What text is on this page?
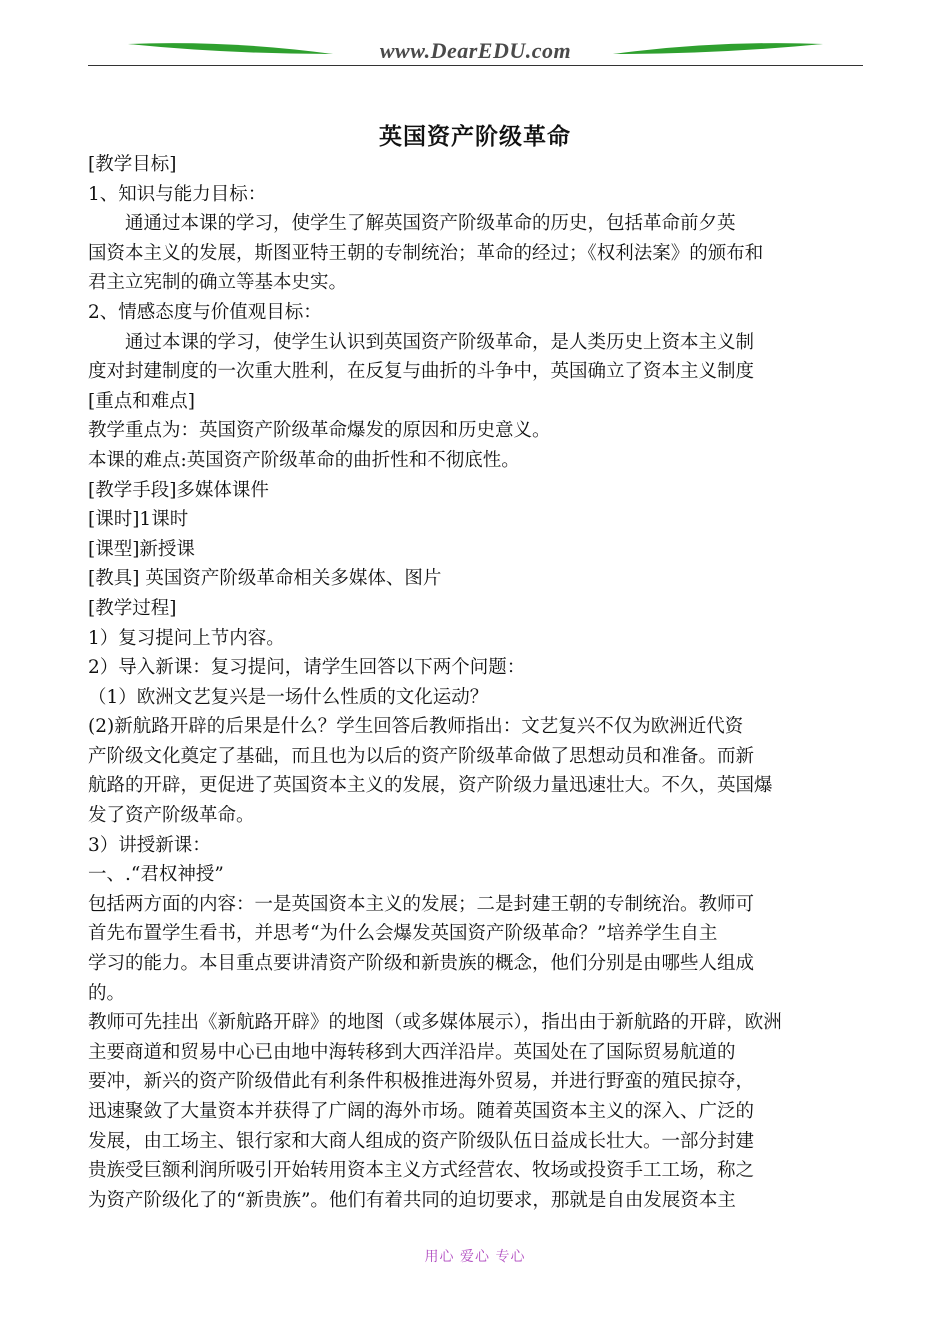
www.DearEDU.com
英国资产阶级革命

[教学目标]

1、知识与能力目标：

　　通通过本课的学习，使学生了解英国资产阶级革命的历史，包括革命前夕英

国资本主义的发展，斯图亚特王朝的专制统治；革命的经过；《权利法案》的颁布和

君主立宪制的确立等基本史实。

2、情感态度与价值观目标：

　　通过本课的学习，使学生认识到英国资产阶级革命，是人类历史上资本主义制

度对封建制度的一次重大胜利，在反复与曲折的斗争中，英国确立了资本主义制度

[重点和难点]

教学重点为：英国资产阶级革命爆发的原因和历史意义。

本课的难点:英国资产阶级革命的曲折性和不彻底性。

[教学手段]多媒体课件

[课时]1课时

[课型]新授课

[教具] 英国资产阶级革命相关多媒体、图片

[教学过程]

1）复习提问上节内容。

2）导入新课：复习提问，请学生回答以下两个问题：

（1）欧洲文艺复兴是一场什么性质的文化运动？

(2)新航路开辟的后果是什么？学生回答后教师指出：文艺复兴不仅为欧洲近代资

产阶级文化奠定了基础，而且也为以后的资产阶级革命做了思想动员和准备。而新

航路的开辟，更促进了英国资本主义的发展，资产阶级力量迅速壮大。不久，英国爆

发了资产阶级革命。

3）讲授新课：

一、.“君权神授”

包括两方面的内容：一是英国资本主义的发展；二是封建王朝的专制统治。教师可

首先布置学生看书，并思考“为什么会爆发英国资产阶级革命？”培养学生自主

学习的能力。本目重点要讲清资产阶级和新贵族的概念，他们分别是由哪些人组成

的。

教师可先挂出《新航路开辟》的地图（或多媒体展示），指出由于新航路的开辟，欧洲

主要商道和贸易中心已由地中海转移到大西洋沿岸。英国处在了国际贸易航道的

要冲，新兴的资产阶级借此有利条件积极推进海外贸易，并进行野蛮的殖民掠夺，

迅速聚敛了大量资本并获得了广阔的海外市场。随着英国资本主义的深入、广泛的

发展，由工场主、银行家和大商人组成的资产阶级队伍日益成长壮大。一部分封建

贵族受巨额利润所吸引开始转用资本主义方式经营农、牧场或投资手工工场，称之

为资产阶级化了的“新贵族”。他们有着共同的迫切要求，那就是自由发展资本主

用心 爱心 专心
